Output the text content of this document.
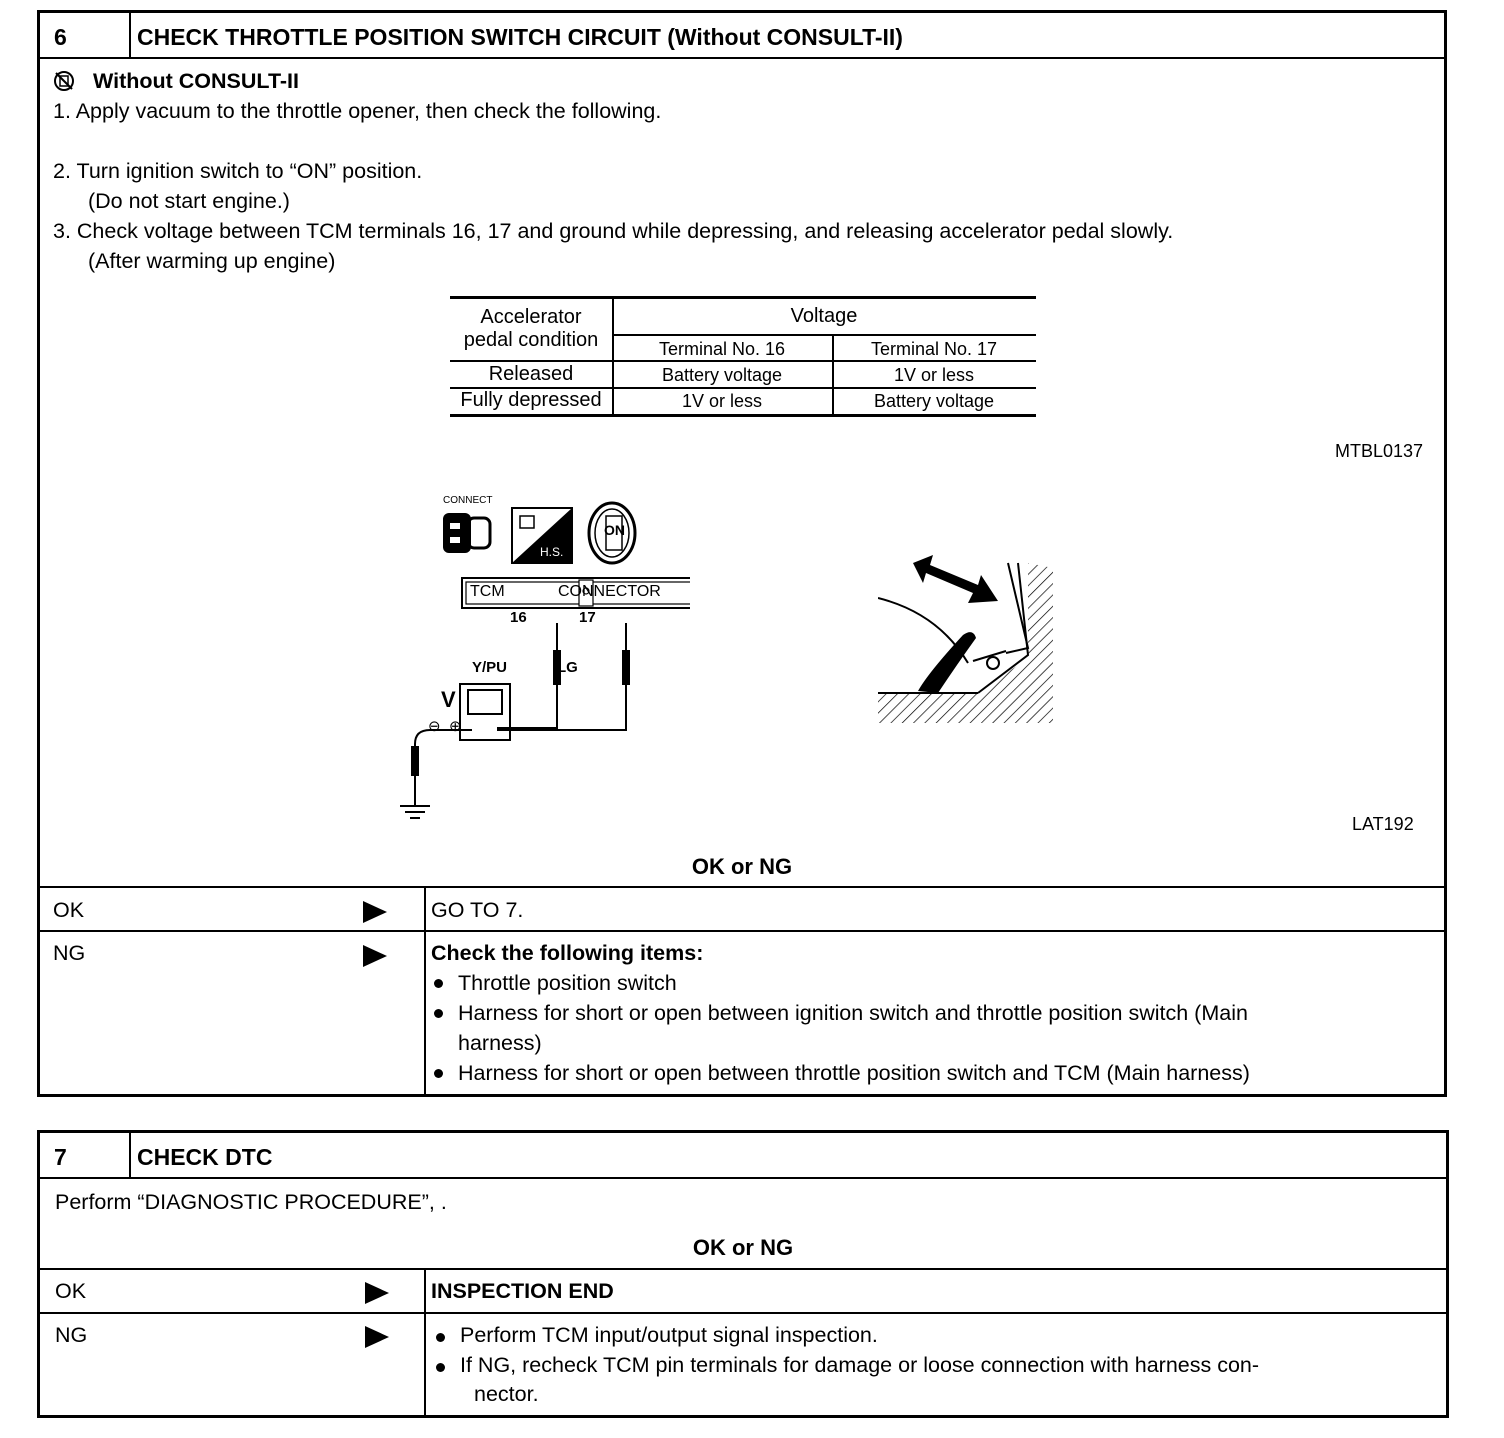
6	CHECK THROTTLE POSITION SWITCH CIRCUIT (Without CONSULT-II)
Without CONSULT-II
1. Apply vacuum to the throttle opener, then check the following.
2. Turn ignition switch to “ON” position.
(Do not start engine.)
3. Check voltage between TCM terminals 16, 17 and ground while depressing, and releasing accelerator pedal slowly.
(After warming up engine)
Accelerator
pedal condition
Voltage
Terminal No. 16	Terminal No. 17
Released	Battery voltage	1V or less
Fully depressed	1V or less	Battery voltage
MTBL0137
CONNECT
H.S.
ON
TCM	CONNECTOR
16	17
Y/PU	LG
V
⊖ ⊕
LAT192
OK or NG
OK	GO TO 7.
NG	Check the following items:
Throttle position switch
Harness for short or open between ignition switch and throttle position switch (Main
harness)
Harness for short or open between throttle position switch and TCM (Main harness)
7	CHECK DTC
Perform “DIAGNOSTIC PROCEDURE”, .
OK or NG
OK	INSPECTION END
NG	Perform TCM input/output signal inspection.
If NG, recheck TCM pin terminals for damage or loose connection with harness con-
nector.
